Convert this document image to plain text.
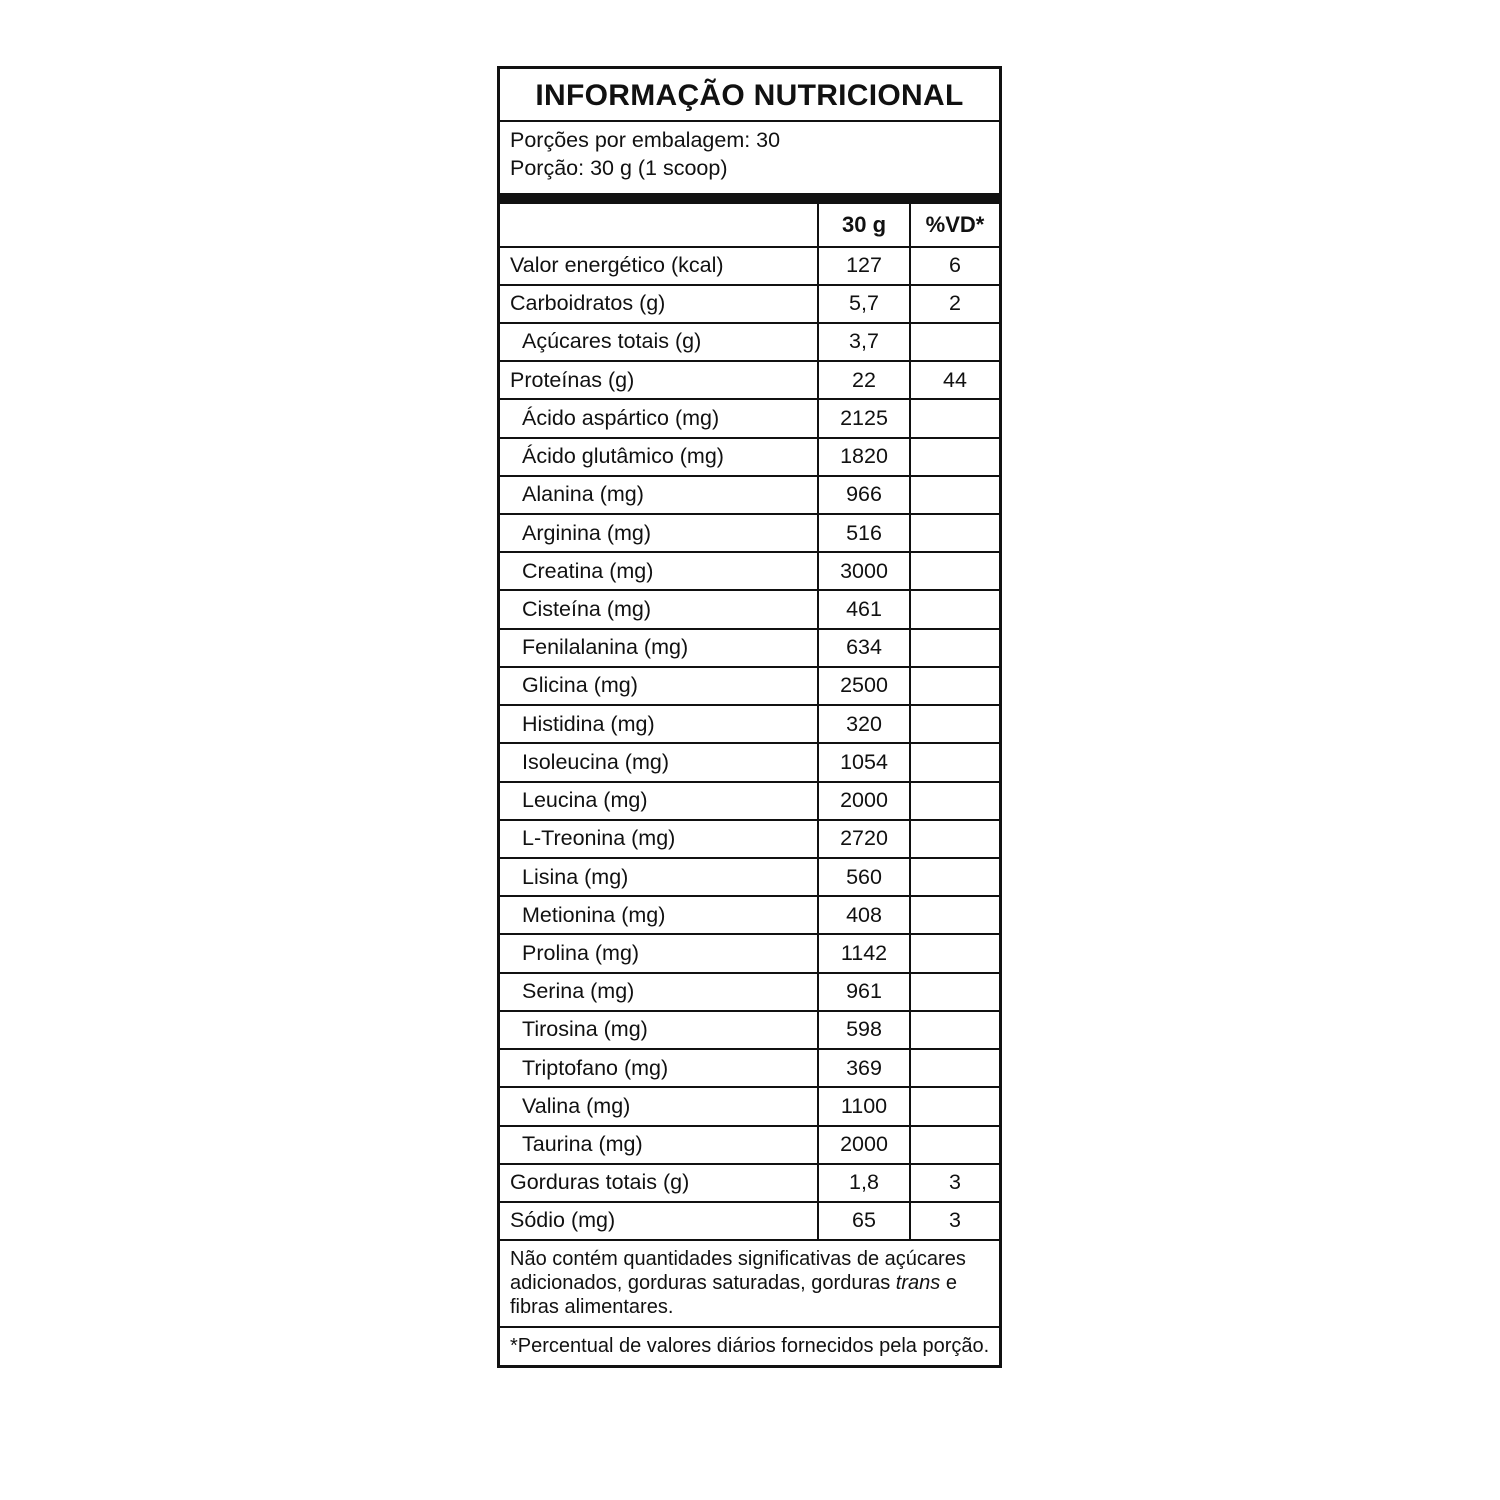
INFORMAÇÃO NUTRICIONAL
Porções por embalagem: 30
Porção: 30 g (1 scoop)
	30 g	%VD*
Valor energético (kcal)	127	6
Carboidratos (g)	5,7	2
Açúcares totais (g)	3,7	
Proteínas (g)	22	44
Ácido aspártico (mg)	2125	
Ácido glutâmico (mg)	1820	
Alanina (mg)	966	
Arginina (mg)	516	
Creatina (mg)	3000	
Cisteína (mg)	461	
Fenilalanina (mg)	634	
Glicina (mg)	2500	
Histidina (mg)	320	
Isoleucina (mg)	1054	
Leucina (mg)	2000	
L-Treonina (mg)	2720	
Lisina (mg)	560	
Metionina (mg)	408	
Prolina (mg)	1142	
Serina (mg)	961	
Tirosina (mg)	598	
Triptofano (mg)	369	
Valina (mg)	1100	
Taurina (mg)	2000	
Gorduras totais (g)	1,8	3
Sódio (mg)	65	3
Não contém quantidades significativas de açúcares adicionados, gorduras saturadas, gorduras trans e fibras alimentares.
*Percentual de valores diários fornecidos pela porção.
